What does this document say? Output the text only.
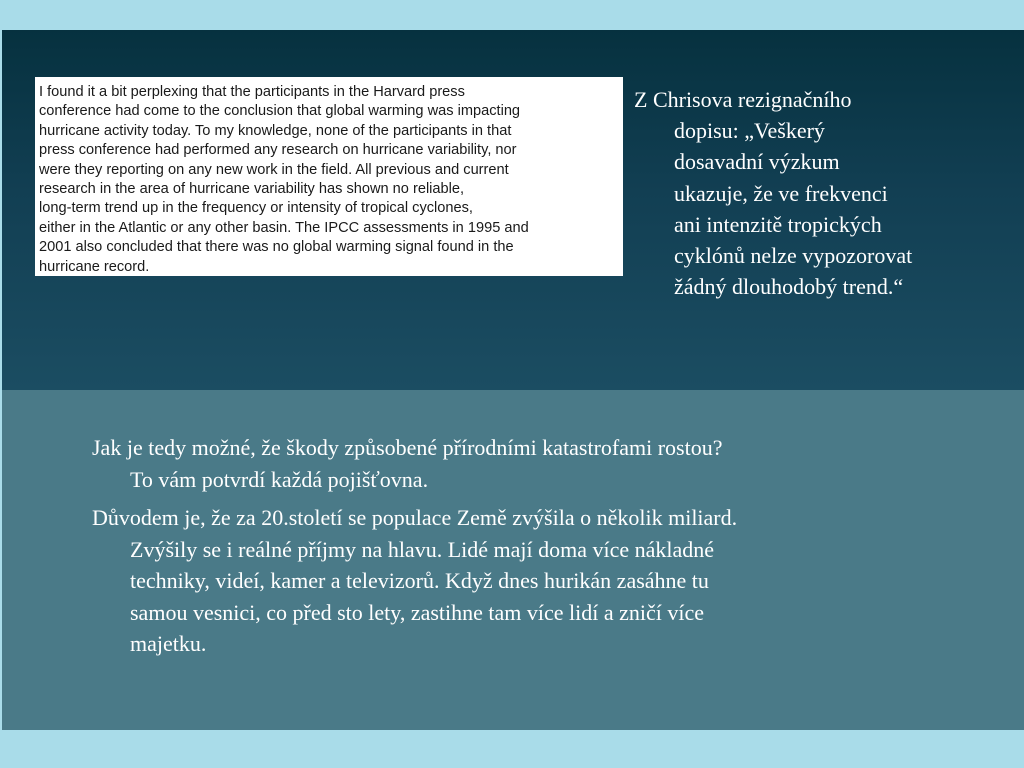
I found it a bit perplexing that the participants in the Harvard press
conference had come to the conclusion that global warming was impacting
hurricane activity today. To my knowledge, none of the participants in that
press conference had performed any research on hurricane variability, nor
were they reporting on any new work in the field. All previous and current
research in the area of hurricane variability has shown no reliable,
long-term trend up in the frequency or intensity of tropical cyclones,
either in the Atlantic or any other basin. The IPCC assessments in 1995 and
2001 also concluded that there was no global warming signal found in the
hurricane record.

Z Chrisova rezignačního
dopisu: „Veškerý
dosavadní výzkum
ukazuje, že ve frekvenci
ani intenzitě tropických
cyklónů nelze vypozorovat
žádný dlouhodobý trend.“
Jak je tedy možné, že škody způsobené přírodními katastrofami rostou?
To vám potvrdí každá pojišťovna.
Důvodem je, že za 20.století se populace Země zvýšila o několik miliard.
Zvýšily se i reálné příjmy na hlavu. Lidé mají doma více nákladné
techniky, videí, kamer a televizorů. Když dnes hurikán zasáhne tu
samou vesnici, co před sto lety, zastihne tam více lidí a zničí více
majetku.
